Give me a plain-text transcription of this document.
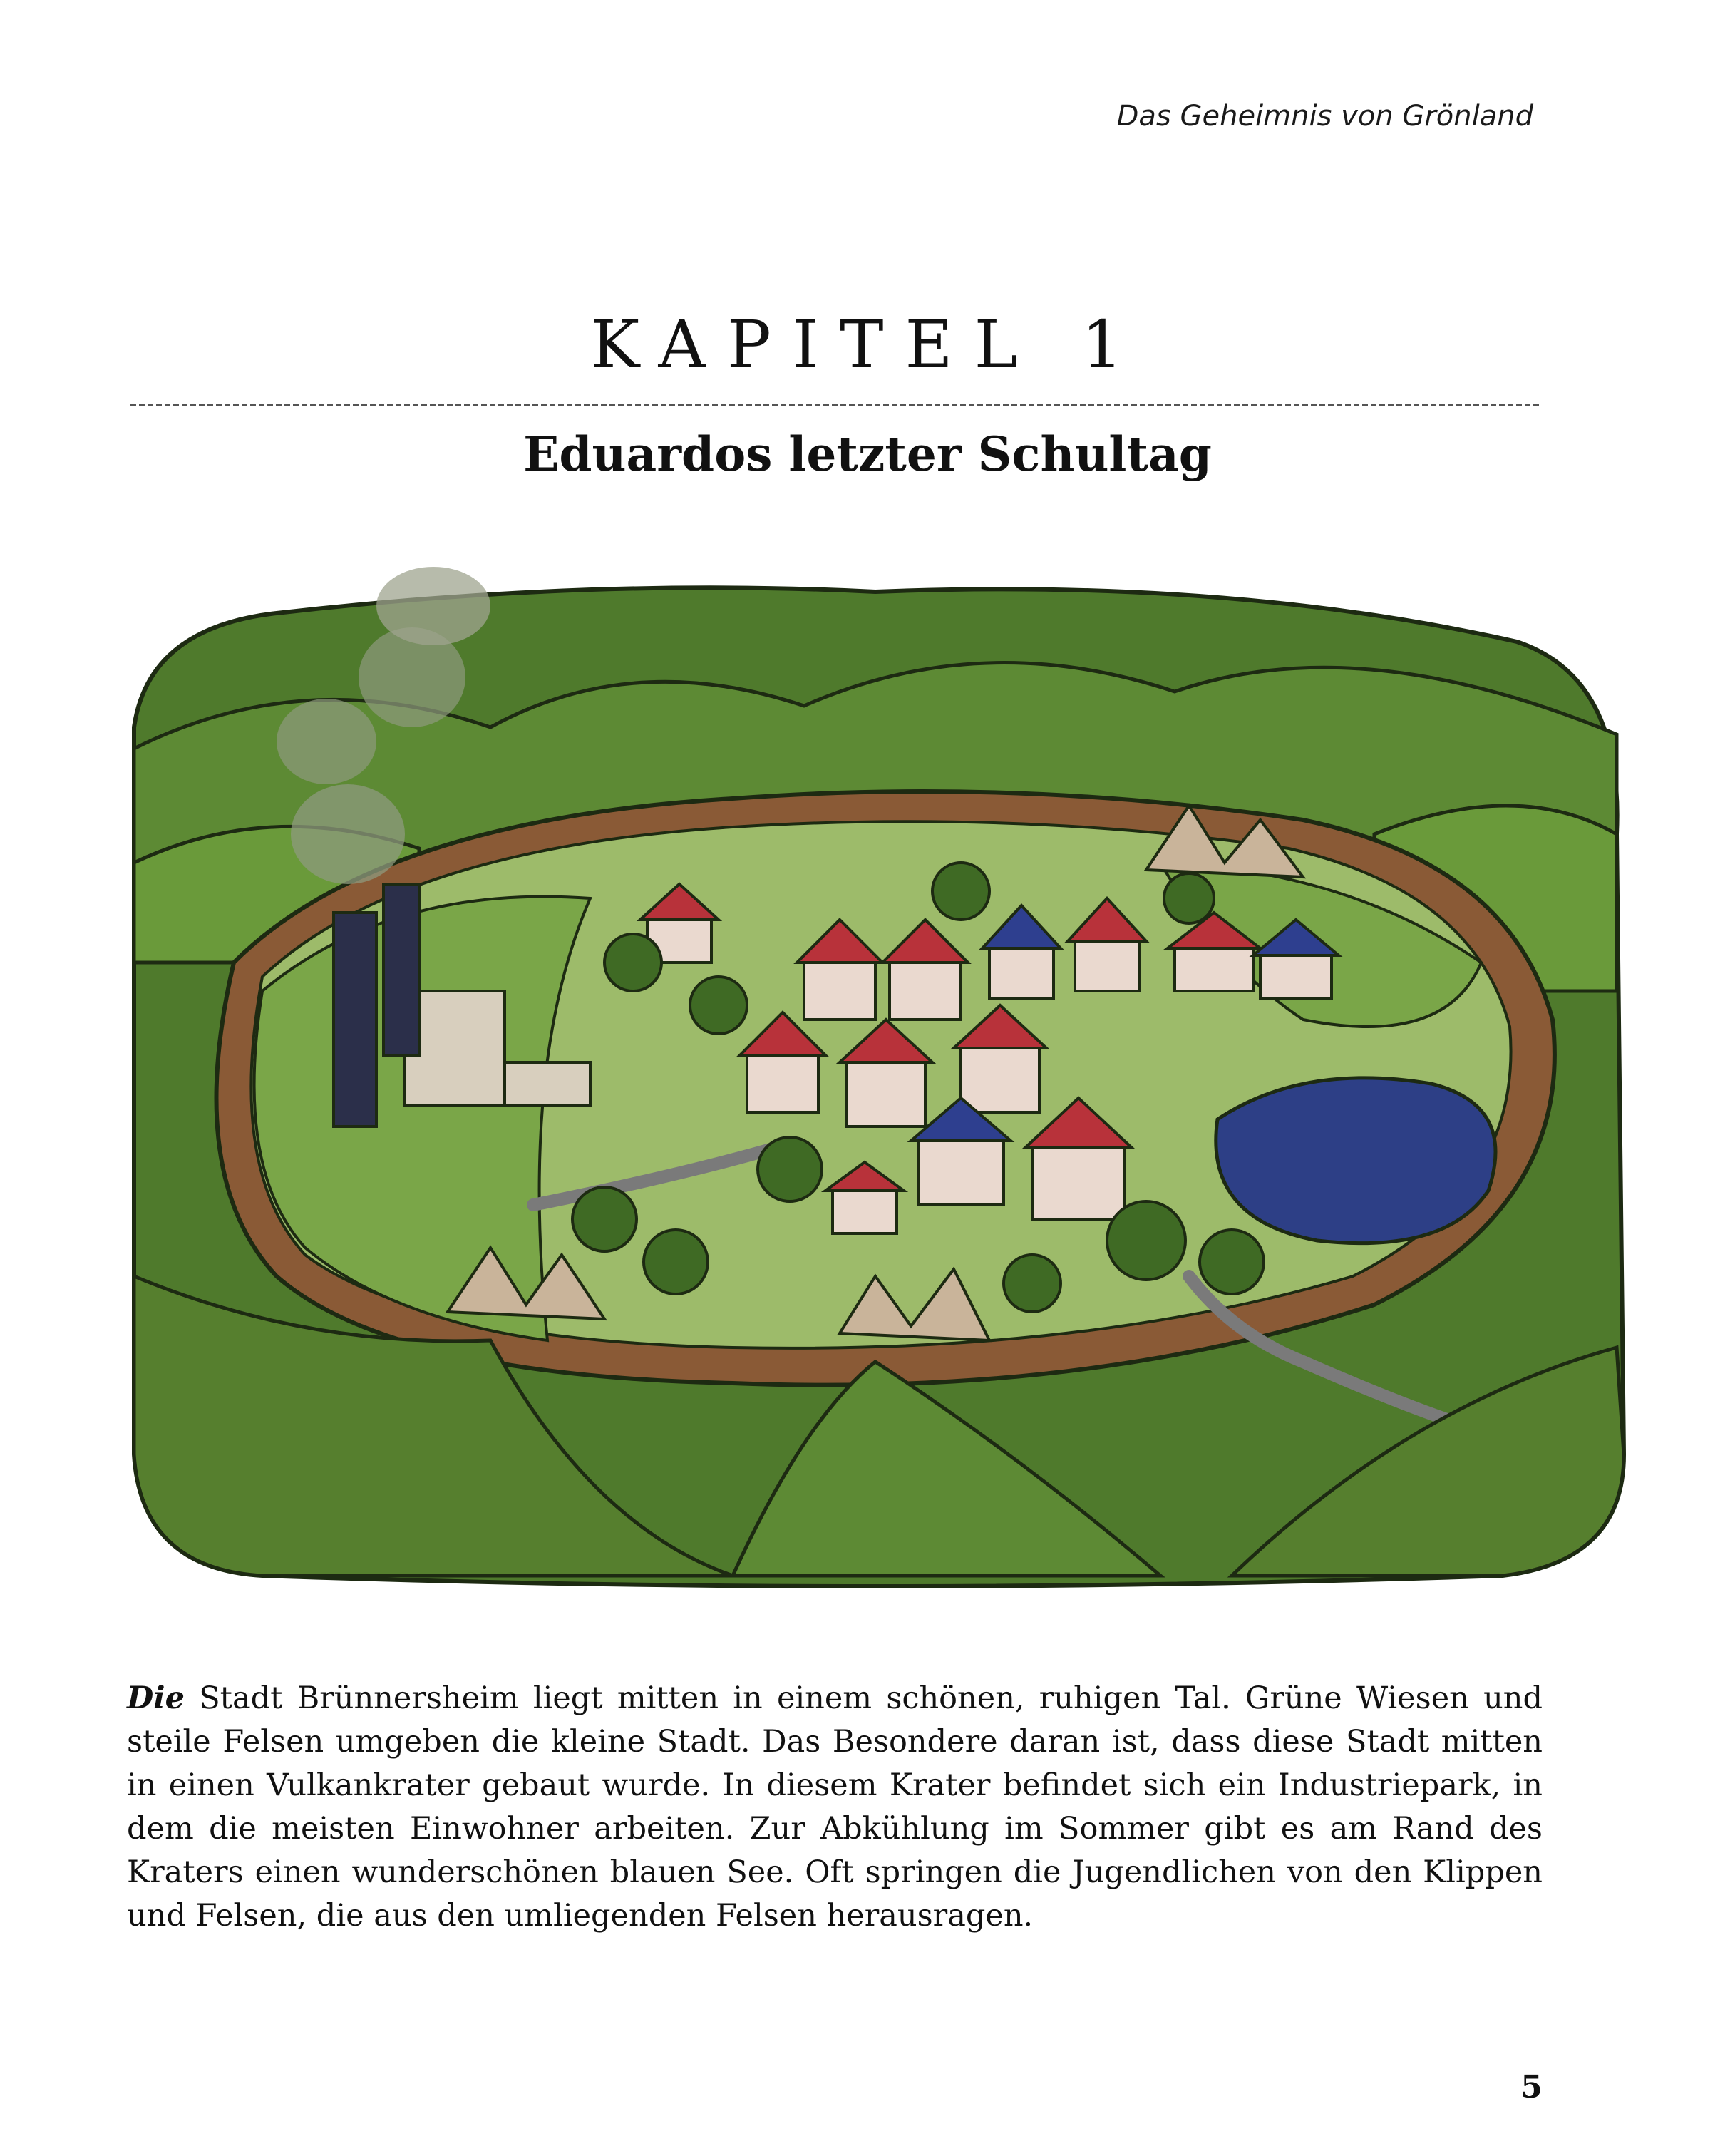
Das Geheimnis von Grönland
KAPITEL 1
Eduardos letzter Schultag

Die Stadt Brünnersheim liegt mitten in einem schönen, ruhigen Tal. Grüne Wiesen und steile Felsen umgeben die kleine Stadt. Das Besondere daran ist, dass diese Stadt mitten in einen Vulkankrater gebaut wurde. In diesem Krater befindet sich ein Industriepark, in dem die meisten Einwohner arbeiten. Zur Abkühlung im Sommer gibt es am Rand des Kraters einen wunderschönen blauen See. Oft springen die Jugendlichen von den Klippen und Felsen, die aus den umliegenden Felsen herausragen.

5
